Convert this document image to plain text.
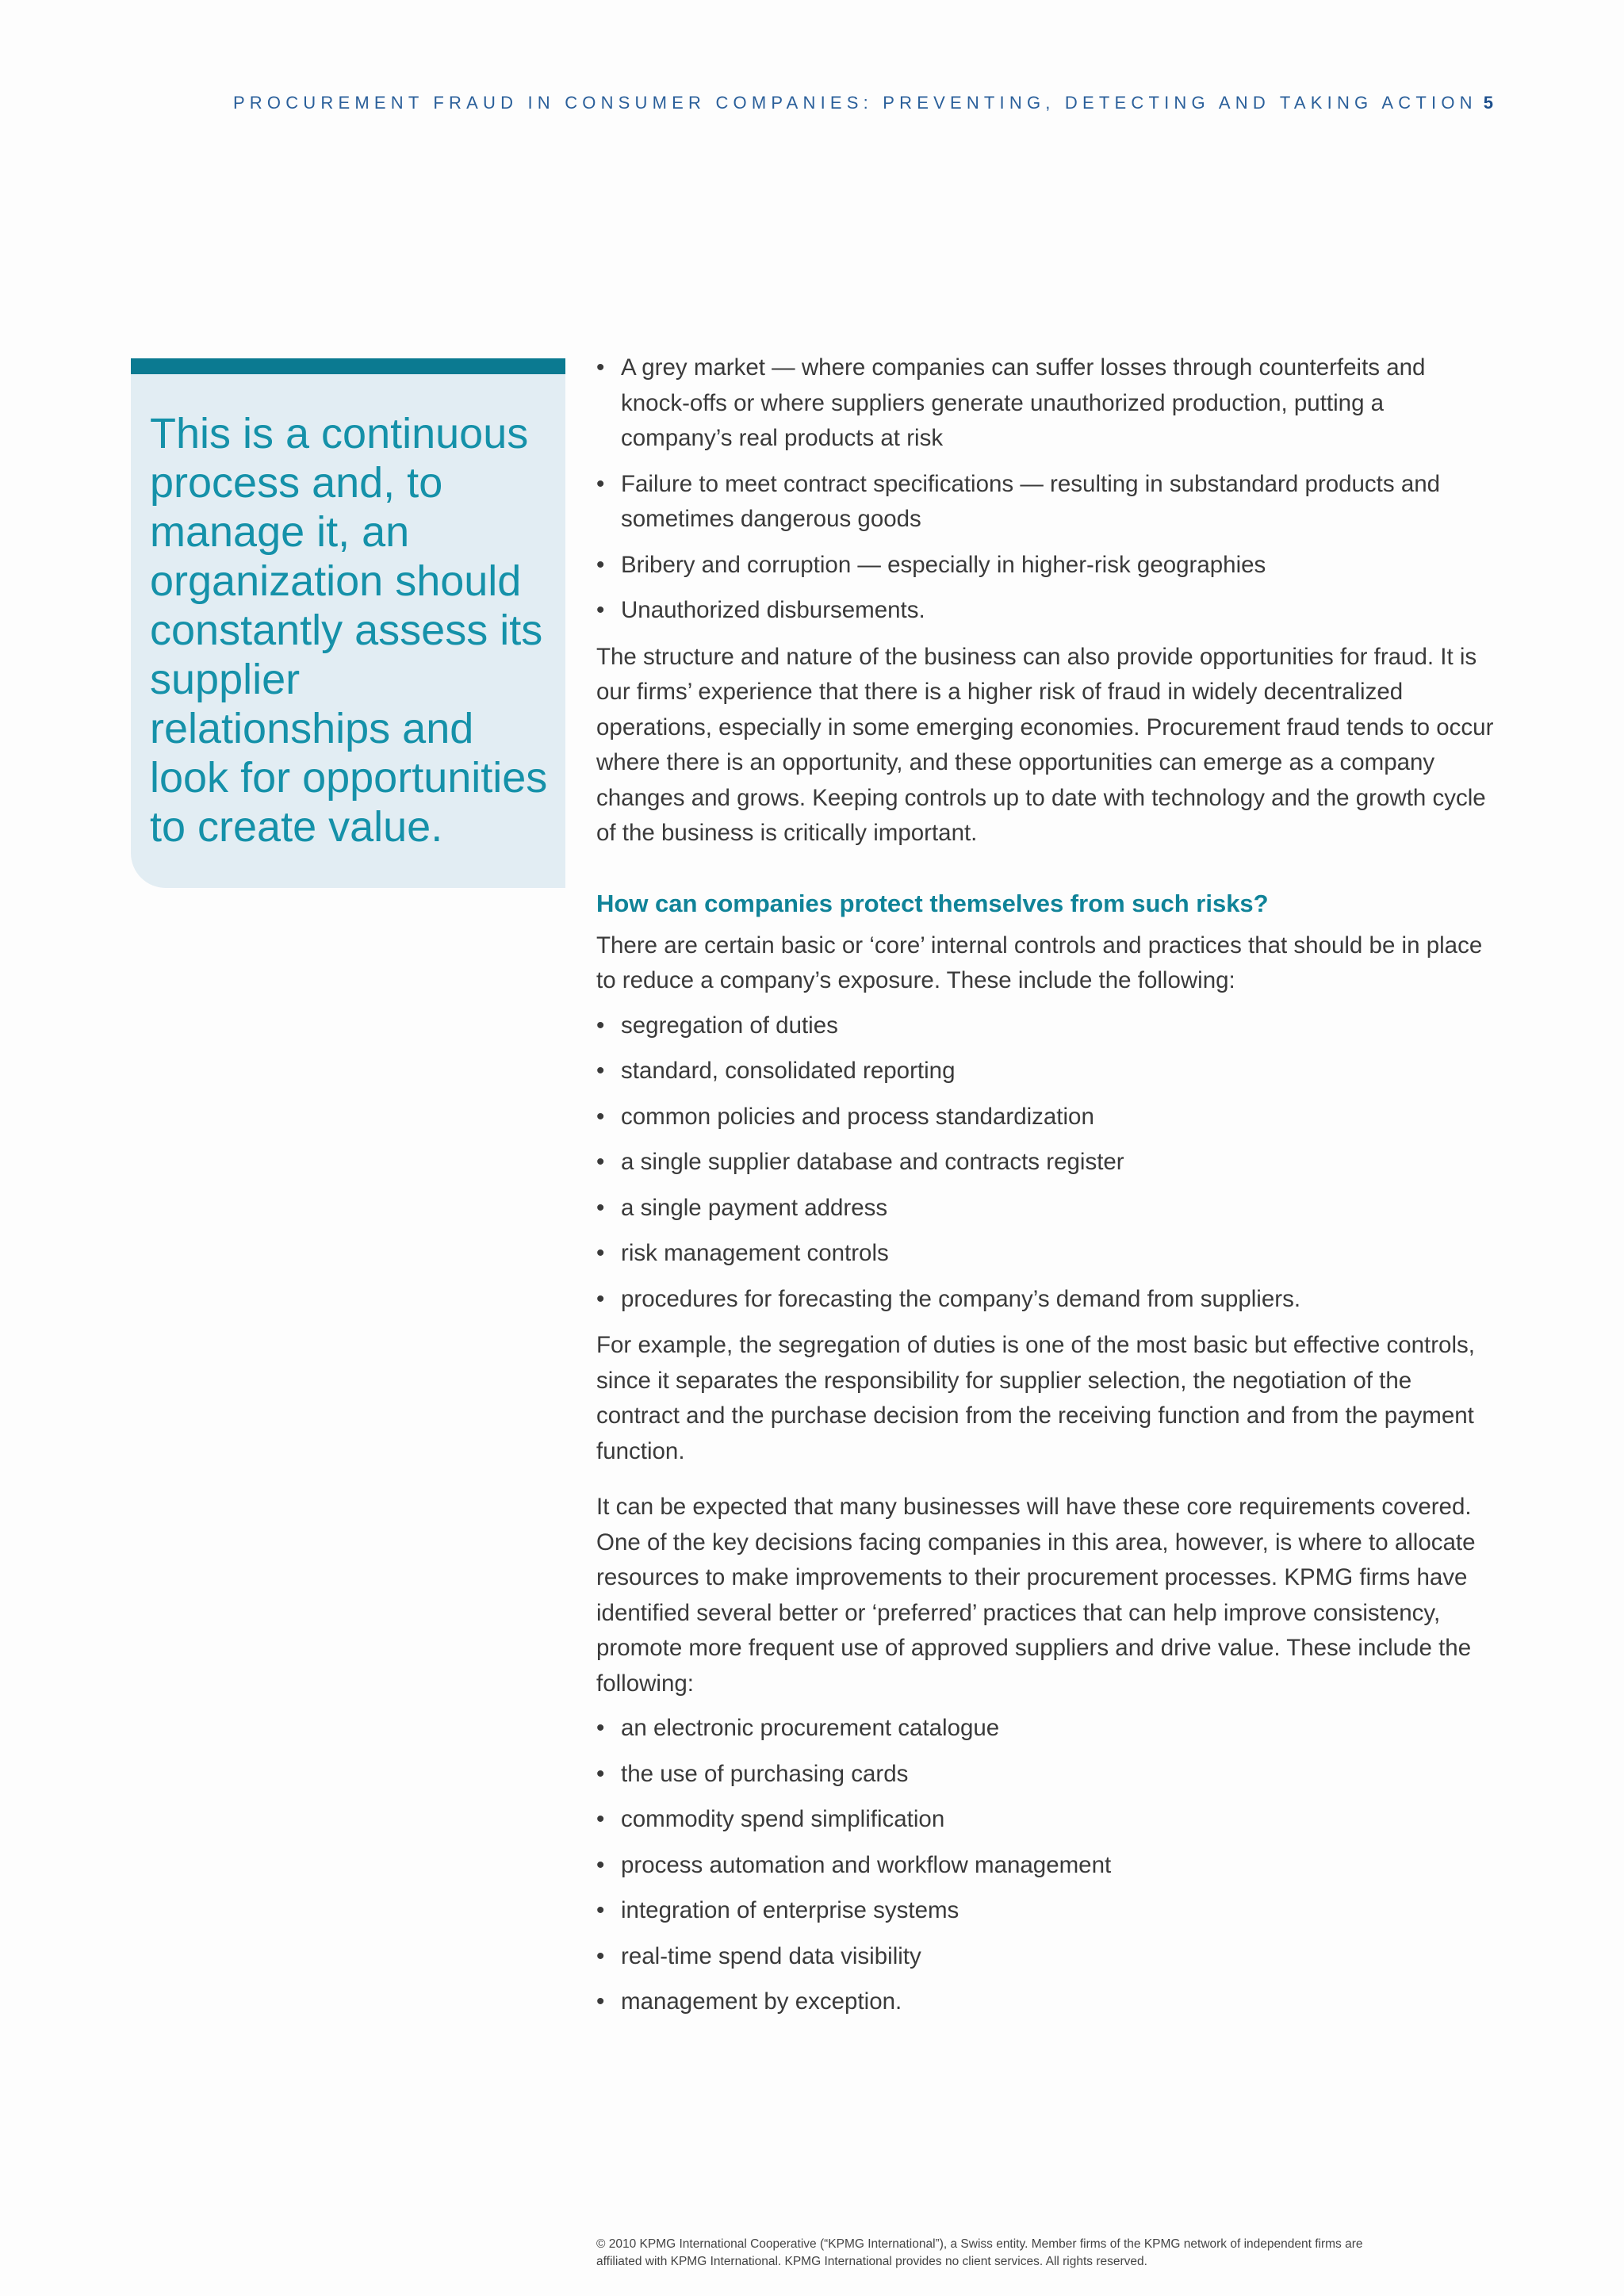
PROCUREMENT FRAUD IN CONSUMER COMPANIES: PREVENTING, DETECTING AND TAKING ACTION 5

This is a continuous process and, to manage it, an organization should constantly assess its supplier relationships and look for opportunities to create value.

• A grey market — where companies can suffer losses through counterfeits and knock-offs or where suppliers generate unauthorized production, putting a company’s real products at risk
• Failure to meet contract specifications — resulting in substandard products and sometimes dangerous goods
• Bribery and corruption — especially in higher-risk geographies
• Unauthorized disbursements.

The structure and nature of the business can also provide opportunities for fraud. It is our firms’ experience that there is a higher risk of fraud in widely decentralized operations, especially in some emerging economies. Procurement fraud tends to occur where there is an opportunity, and these opportunities can emerge as a company changes and grows. Keeping controls up to date with technology and the growth cycle of the business is critically important.

How can companies protect themselves from such risks?

There are certain basic or ‘core’ internal controls and practices that should be in place to reduce a company’s exposure. These include the following:

• segregation of duties
• standard, consolidated reporting
• common policies and process standardization
• a single supplier database and contracts register
• a single payment address
• risk management controls
• procedures for forecasting the company’s demand from suppliers.

For example, the segregation of duties is one of the most basic but effective controls, since it separates the responsibility for supplier selection, the negotiation of the contract and the purchase decision from the receiving function and from the payment function.

It can be expected that many businesses will have these core requirements covered. One of the key decisions facing companies in this area, however, is where to allocate resources to make improvements to their procurement processes. KPMG firms have identified several better or ‘preferred’ practices that can help improve consistency, promote more frequent use of approved suppliers and drive value. These include the following:

• an electronic procurement catalogue
• the use of purchasing cards
• commodity spend simplification
• process automation and workflow management
• integration of enterprise systems
• real-time spend data visibility
• management by exception.
© 2010 KPMG International Cooperative (“KPMG International”), a Swiss entity. Member firms of the KPMG network of independent firms are
affiliated with KPMG International. KPMG International provides no client services. All rights reserved.
